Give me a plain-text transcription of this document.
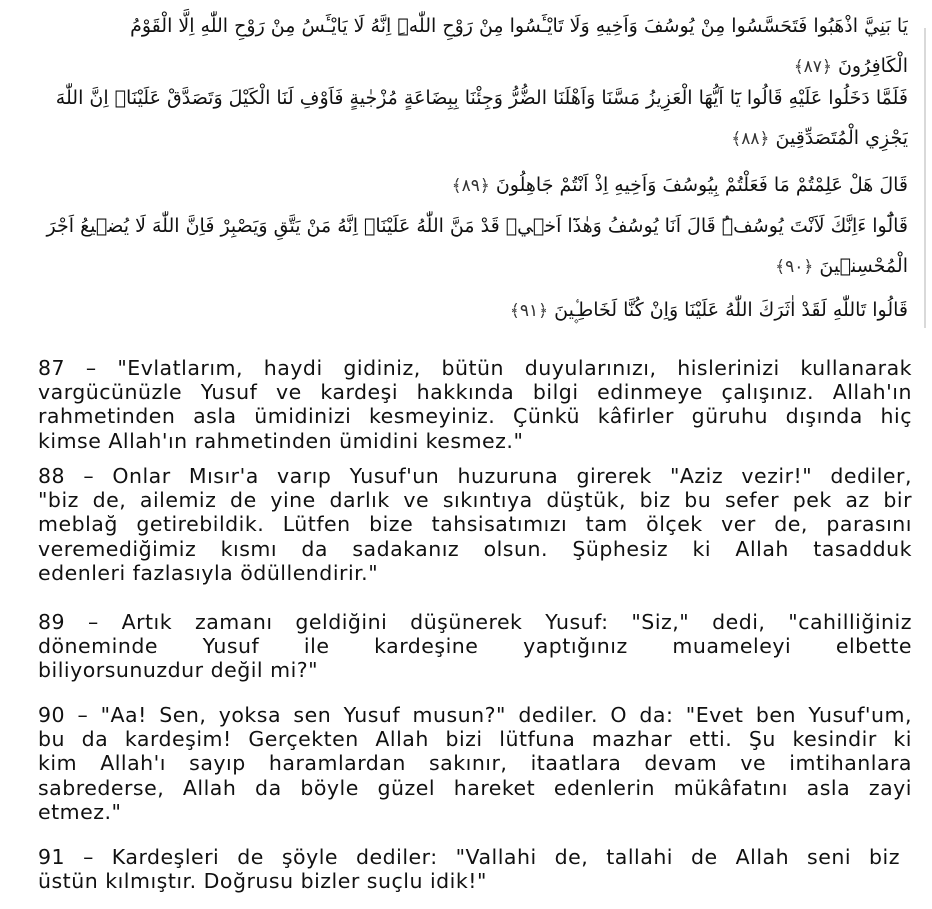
يَا بَنِيَّ اذْهَبُوا فَتَحَسَّسُوا مِنْ يُوسُفَ وَاَخِيهِ وَلَا تَايْـَٔسُوا مِنْ رَوْحِ اللّٰهِۜ اِنَّهُ لَا يَايْـَٔسُ مِنْ رَوْحِ اللّٰهِ اِلَّا الْقَوْمُ
الْكَافِرُونَ ﴿٨٧﴾
فَلَمَّا دَخَلُوا عَلَيْهِ قَالُوا يَٓا اَيُّهَا الْعَزِيزُ مَسَّنَا وَاَهْلَنَا الضُّرُّ وَجِئْنَا بِبِضَاعَةٍ مُزْجٰيةٍ فَاَوْفِ لَنَا الْكَيْلَ وَتَصَدَّقْ عَلَيْنَاۜ اِنَّ اللّٰهَ
يَجْزِي الْمُتَصَدِّقِينَ ﴿٨٨﴾
قَالَ هَلْ عَلِمْتُمْ مَا فَعَلْتُمْ بِيُوسُفَ وَاَخِيهِ اِذْ اَنْتُمْ جَاهِلُونَ ﴿٨٩﴾
قَالُٓوا ءَاِنَّكَ لَاَنْتَ يُوسُفُۜ قَالَ اَنَا يُوسُفُ وَهٰذَٓا اَخ۪يۘ قَدْ مَنَّ اللّٰهُ عَلَيْنَاۜ اِنَّهُ مَنْ يَتَّقِ وَيَصْبِرْ فَاِنَّ اللّٰهَ لَا يُض۪يعُ اَجْرَ
الْمُحْسِن۪ينَ ﴿٩٠﴾
قَالُوا تَاللّٰهِ لَقَدْ اٰثَرَكَ اللّٰهُ عَلَيْنَا وَاِنْ كُنَّا لَخَاطِـ۪ٔينَ ﴿٩١﴾
87 – "Evlatlarım, haydi gidiniz, bütün duyularınızı, hislerinizi kullanarak
vargücünüzle Yusuf ve kardeşi hakkında bilgi edinmeye çalışınız. Allah'ın
rahmetinden asla ümidinizi kesmeyiniz. Çünkü kâfirler güruhu dışında hiç
kimse Allah'ın rahmetinden ümidini kesmez."
88 – Onlar Mısır'a varıp Yusuf'un huzuruna girerek "Aziz vezir!" dediler,
"biz de, ailemiz de yine darlık ve sıkıntıya düştük, biz bu sefer pek az bir
meblağ getirebildik. Lütfen bize tahsisatımızı tam ölçek ver de, parasını
veremediğimiz kısmı da sadakanız olsun. Şüphesiz ki Allah tasadduk
edenleri fazlasıyla ödüllendirir."
89 – Artık zamanı geldiğini düşünerek Yusuf: "Siz," dedi, "cahilliğiniz
döneminde Yusuf ile kardeşine yaptığınız muameleyi elbette
biliyorsunuzdur değil mi?"
90 – "Aa! Sen, yoksa sen Yusuf musun?" dediler. O da: "Evet ben Yusuf'um,
bu da kardeşim! Gerçekten Allah bizi lütfuna mazhar etti. Şu kesindir ki
kim Allah'ı sayıp haramlardan sakınır, itaatlara devam ve imtihanlara
sabrederse, Allah da böyle güzel hareket edenlerin mükâfatını asla zayi
etmez."
91 – Kardeşleri de şöyle dediler: "Vallahi de, tallahi de Allah seni biz
üstün kılmıştır. Doğrusu bizler suçlu idik!"
